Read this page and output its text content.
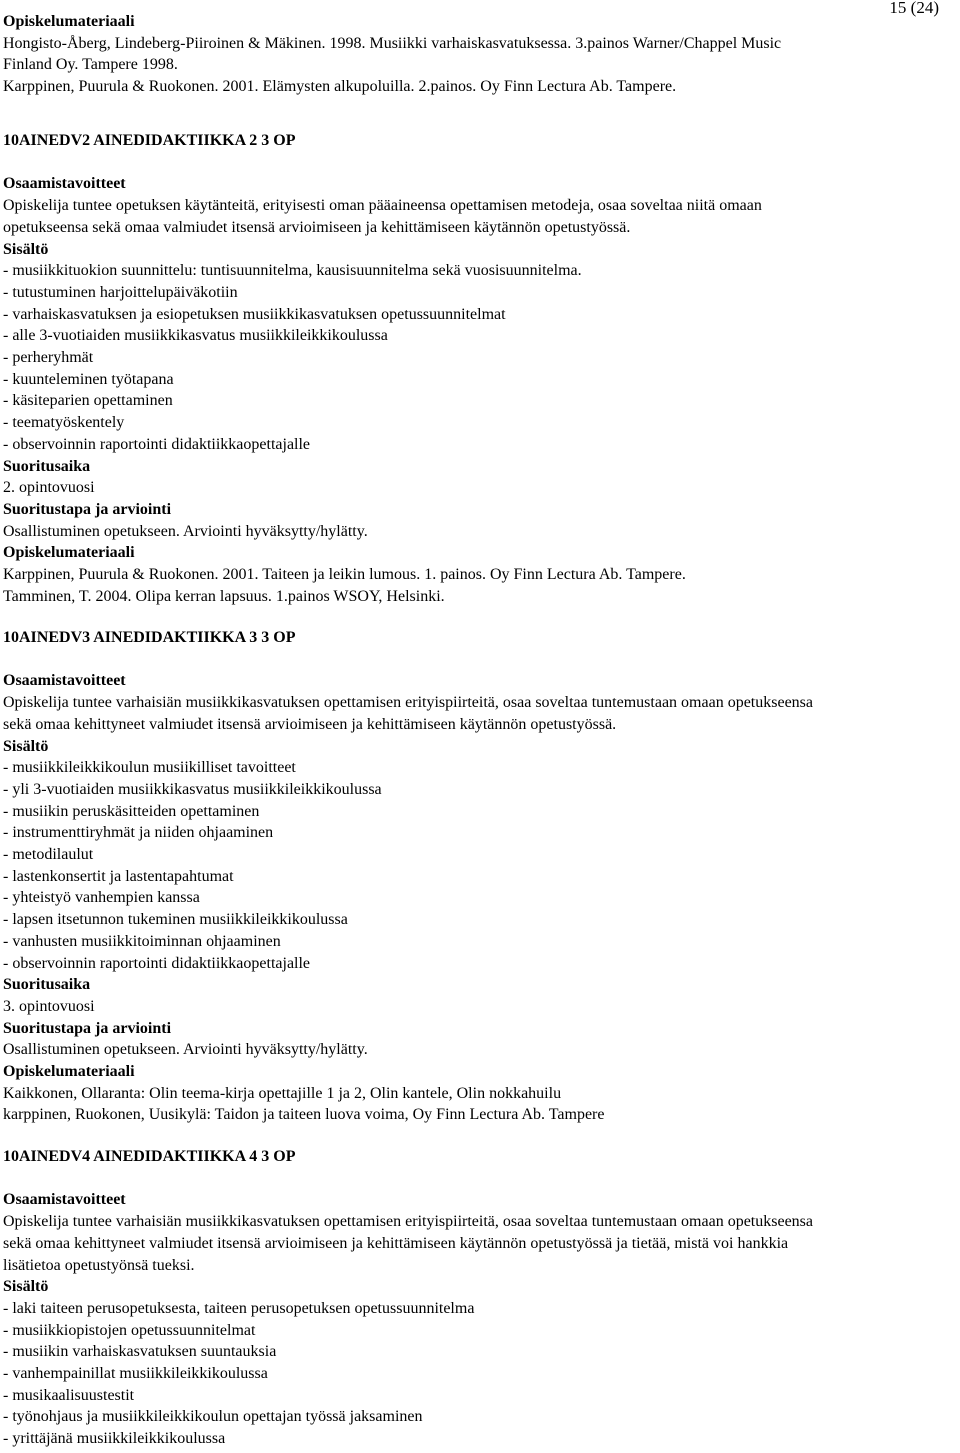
15 (24)

Opiskelumateriaali

Hongisto-Åberg, Lindeberg-Piiroinen & Mäkinen. 1998. Musiikki varhaiskasvatuksessa. 3.painos Warner/Chappel Music

Finland Oy. Tampere 1998.

Karppinen, Puurula & Ruokonen. 2001. Elämysten alkupoluilla. 2.painos. Oy Finn Lectura Ab. Tampere.

10AINEDV2 AINEDIDAKTIIKKA 2 3 OP

Osaamistavoitteet

Opiskelija tuntee opetuksen käytänteitä, erityisesti oman pääaineensa opettamisen metodeja, osaa soveltaa niitä omaan

opetukseensa sekä omaa valmiudet itsensä arvioimiseen ja kehittämiseen käytännön opetustyössä.

Sisältö

- musiikkituokion suunnittelu: tuntisuunnitelma, kausisuunnitelma sekä vuosisuunnitelma.

- tutustuminen harjoittelupäiväkotiin

- varhaiskasvatuksen ja esiopetuksen musiikkikasvatuksen opetussuunnitelmat

- alle 3-vuotiaiden musiikkikasvatus musiikkileikkikoulussa

- perheryhmät

- kuunteleminen työtapana

- käsiteparien opettaminen

- teematyöskentely

- observoinnin raportointi didaktiikkaopettajalle

Suoritusaika

2. opintovuosi

Suoritustapa ja arviointi

Osallistuminen opetukseen. Arviointi hyväksytty/hylätty.

Opiskelumateriaali

Karppinen, Puurula & Ruokonen. 2001. Taiteen ja leikin lumous. 1. painos. Oy Finn Lectura Ab. Tampere.

Tamminen, T. 2004. Olipa kerran lapsuus. 1.painos WSOY, Helsinki.

10AINEDV3 AINEDIDAKTIIKKA 3 3 OP

Osaamistavoitteet

Opiskelija tuntee varhaisiän musiikkikasvatuksen opettamisen erityispiirteitä, osaa soveltaa tuntemustaan omaan opetukseensa

sekä omaa kehittyneet valmiudet itsensä arvioimiseen ja kehittämiseen käytännön opetustyössä.

Sisältö

- musiikkileikkikoulun musiikilliset tavoitteet

- yli 3-vuotiaiden musiikkikasvatus musiikkileikkikoulussa

- musiikin peruskäsitteiden opettaminen

- instrumenttiryhmät ja niiden ohjaaminen

- metodilaulut

- lastenkonsertit ja lastentapahtumat

- yhteistyö vanhempien kanssa

- lapsen itsetunnon tukeminen musiikkileikkikoulussa

- vanhusten musiikkitoiminnan ohjaaminen

- observoinnin raportointi didaktiikkaopettajalle

Suoritusaika

3. opintovuosi

Suoritustapa ja arviointi

Osallistuminen opetukseen. Arviointi hyväksytty/hylätty.

Opiskelumateriaali

Kaikkonen, Ollaranta: Olin teema-kirja opettajille 1 ja 2, Olin kantele, Olin nokkahuilu

karppinen, Ruokonen, Uusikylä: Taidon ja taiteen luova voima, Oy Finn Lectura Ab. Tampere

10AINEDV4 AINEDIDAKTIIKKA 4 3 OP

Osaamistavoitteet

Opiskelija tuntee varhaisiän musiikkikasvatuksen opettamisen erityispiirteitä, osaa soveltaa tuntemustaan omaan opetukseensa

sekä omaa kehittyneet valmiudet itsensä arvioimiseen ja kehittämiseen käytännön opetustyössä ja tietää, mistä voi hankkia

lisätietoa opetustyönsä tueksi.

Sisältö

- laki taiteen perusopetuksesta, taiteen perusopetuksen opetussuunnitelma

- musiikkiopistojen opetussuunnitelmat

- musiikin varhaiskasvatuksen suuntauksia

- vanhempainillat musiikkileikkikoulussa

- musikaalisuustestit

- työnohjaus ja musiikkileikkikoulun opettajan työssä jaksaminen

- yrittäjänä musiikkileikkikoulussa
